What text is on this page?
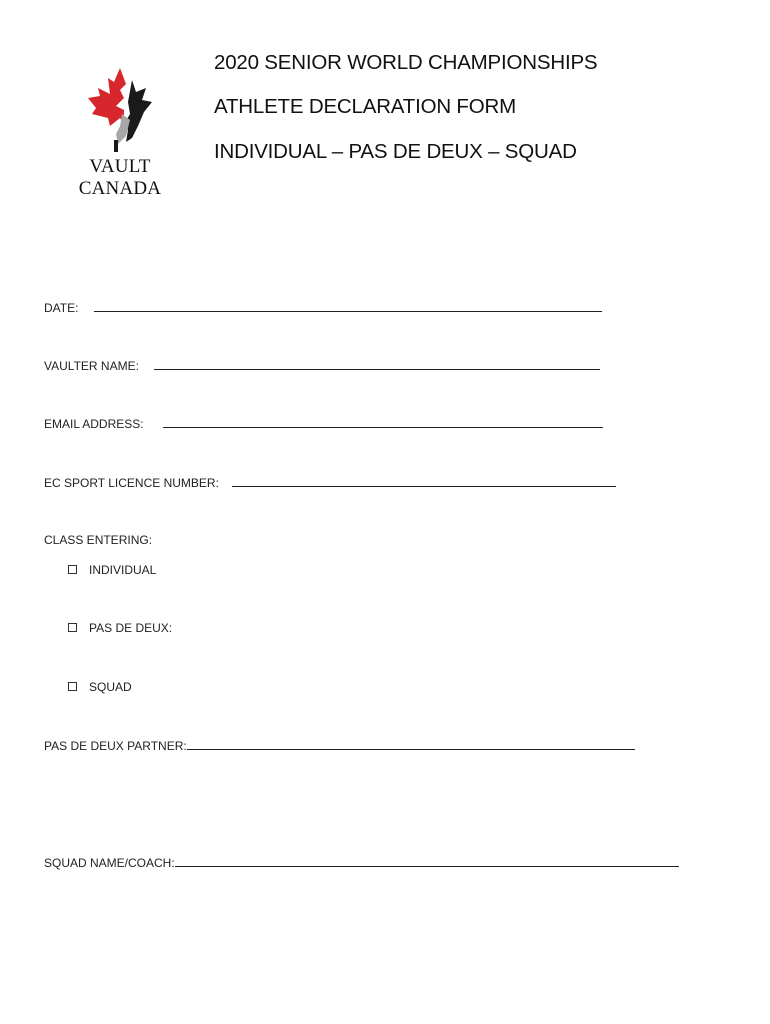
VAULT CANADA
2020 SENIOR WORLD CHAMPIONSHIPS
ATHLETE DECLARATION FORM
INDIVIDUAL – PAS DE DEUX – SQUAD
DATE:
VAULTER NAME:
EMAIL ADDRESS:
EC SPORT LICENCE NUMBER:
CLASS ENTERING:
INDIVIDUAL
PAS DE DEUX:
SQUAD
PAS DE DEUX PARTNER:
SQUAD NAME/COACH:
